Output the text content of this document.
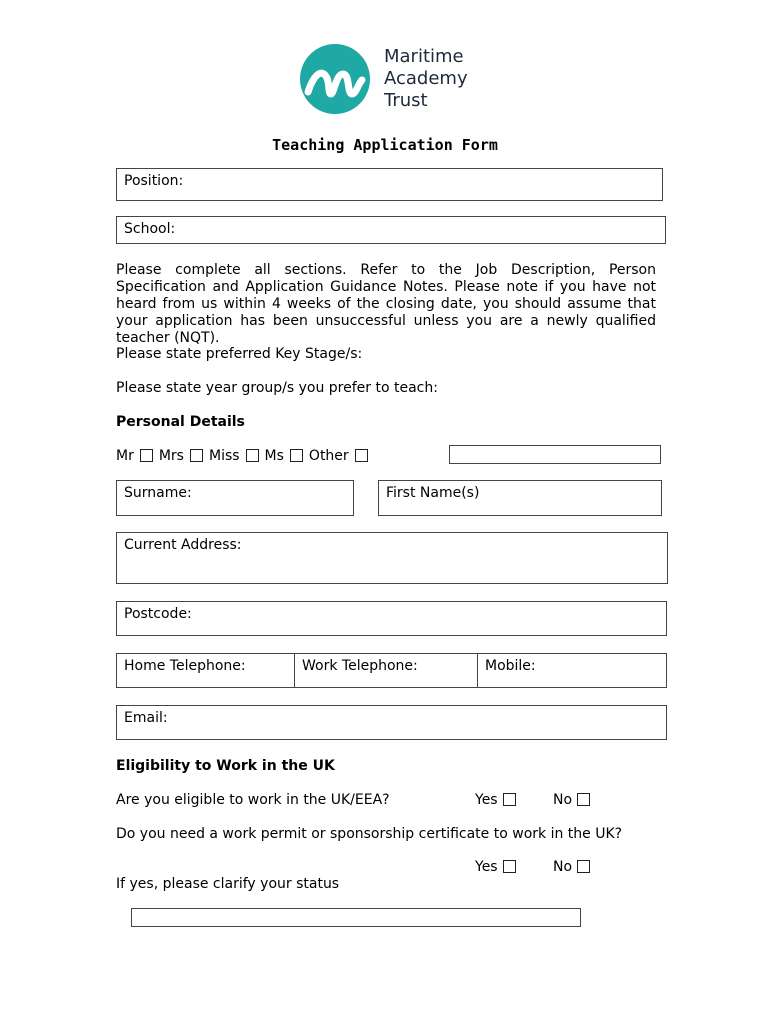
Maritime
Academy
Trust
Teaching Application Form
Position:
School:
Please complete all sections. Refer to the Job Description, Person Specification and Application Guidance Notes. Please note if you have not heard from us within 4 weeks of the closing date, you should assume that your application has been unsuccessful unless you are a newly qualified teacher (NQT).
Please state preferred Key Stage/s:
Please state year group/s you prefer to teach:
Personal Details
Mr Mrs Miss Ms Other
Surname:	First Name(s)
Current Address:
Postcode:
Home Telephone:	Work Telephone:	Mobile:
Email:
Eligibility to Work in the UK
Are you eligible to work in the UK/EEA?	Yes	No
Do you need a work permit or sponsorship certificate to work in the UK?
Yes	No
If yes, please clarify your status
